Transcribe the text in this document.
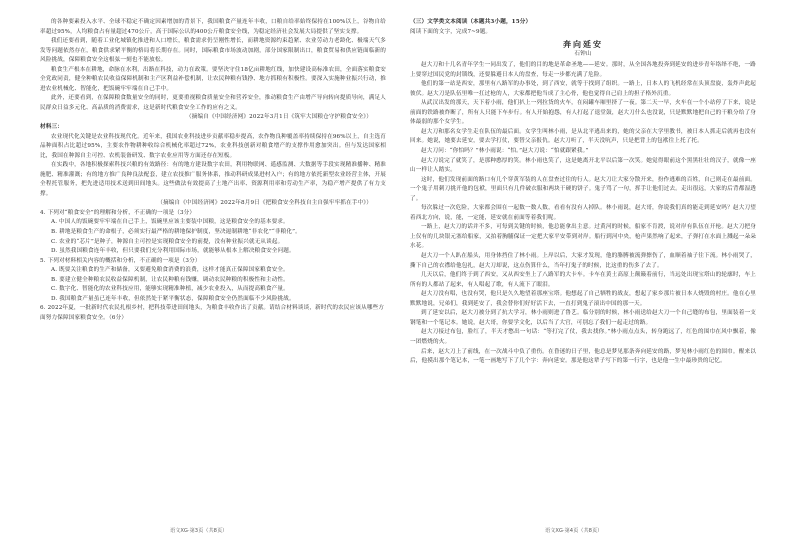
的各种要素投入水平、全球不稳定不确定因素增加的背景下，我国粮食产量连年丰收，口粮自给率始终保持在100%以上，谷物自给率超过95%，人均粮食占有量超过470公斤，高于国际公认的400公斤粮食安全线，为稳定经济社会发展大局提供了坚实支撑。

我们还要看到，随着工业化城镇化推进和人口增长，粮食需求仍呈刚性增长，而耕地资源约束趋紧、农业劳动力老龄化、极端天气多发等问题依然存在，粮食供求紧平衡的格局将长期存在。同时，国际粮食市场波动加剧，部分国家限制出口，粮食贸易和供应链面临新的风险挑战，保障粮食安全这根弦一刻也不能放松。

粮食生产根本在耕地，命脉在水利，出路在科技，动力在政策。要坚决守住18亿亩耕地红线，加快建设高标准农田，全面落实粮食安全党政同责，健全种粮农民收益保障机制和主产区利益补偿机制，让农民种粮有钱挣、地方抓粮有积极性。要深入实施种业振兴行动，推进农业机械化、智能化，把饭碗牢牢端在自己手中。

此外，还要看到，在保障粮食数量安全的同时，更要重视粮食质量安全和营养安全，推动粮食生产由增产导向转向提质导向，满足人民群众日益多元化、高品质的消费需求，这是新时代粮食安全工作的应有之义。

（摘编自《中国经济网》2022年3月1日《筑牢大国粮仓守护粮食安全》）

材料三：

农业现代化关键是农业科技现代化。近年来，我国农业科技进步贡献率稳步提高，农作物良种覆盖率持续保持在96%以上，自主选育品种面积占比超过95%，主要农作物耕种收综合机械化率超过72%，农业科技创新对粮食增产的支撑作用愈加突出。但与发达国家相比，我国在种源自主可控、农机装备研发、数字农业应用等方面还存在短板。

在实践中，各地积极探索科技兴粮的有效路径：有的地方建设数字农田，利用物联网、遥感监测、大数据等手段实现精准播种、精准施肥、精准灌溉；有的地方推广良种良法配套，建立农技推广服务体系，推动科研成果进村入户；有的地方依托新型农业经营主体，开展全程托管服务，把先进适用技术送到田间地头。这些做法有效提高了土地产出率、资源利用率和劳动生产率，为稳产增产提供了有力支撑。

（摘编自《中国经济网》2022年8月9日《把粮食安全科技自主自强牢牢抓在手中》）

4. 下列对“粮食安全”的理解和分析，不正确的一项是（3分）

A. 中国人的饭碗要牢牢端在自己手上，饭碗里应该主要装中国粮，这是粮食安全的基本要求。

B. 耕地是粮食生产的命根子，必须实行最严格的耕地保护制度，坚决遏制耕地“非农化”“非粮化”。

C. 农业的“芯片”是种子，种源自主可控是实现粮食安全的前提，没有种业振兴就无从谈起。

D. 虽然我国粮食连年丰收，但只要我们充分利用国际市场，就能够从根本上解决粮食安全问题。

5. 下列对材料相关内容的概括和分析，不正确的一项是（3分）

A. 既要关注粮食的生产和储备，又要避免粮食消费的浪费，这样才能真正保障国家粮食安全。

B. 要建立健全种粮农民收益保障机制，让农民种粮有钱赚，调动农民种粮的积极性和主动性。

C. 数字化、智能化的农业科技应用，能够实现精准种植，减少农业投入，从而提高粮食产量。

D. 我国粮食产量虽已连年丰收，但依然处于紧平衡状态，保障粮食安全仍然面临不少风险挑战。

6. 2022年夏，一批新时代农民扎根乡村，把科技带进田间地头，为粮食丰收作出了贡献。请结合材料谈谈，新时代的农民应该从哪些方面努力保障国家粮食安全。（6分）

（三）文学类文本阅读（本题共3小题，15分）

阅读下面的文字，完成7~9题。

奔向延安

石钟山

赵大刀和十几名青年学生一同出发了，他们的目的地是革命圣地——延安。那时，从全国各地投奔到延安的进步青年络绎不绝，一路上要穿过国民党的封锁线，还要躲避日本人的盘查，每走一步都充满了危险。

他们的第一站是西安，那里有八路军的办事处，到了西安，就等于找到了组织。一路上，日本人的飞机经常在头顶盘旋，轰炸声此起彼伏。赵大刀是队伍里唯一扛过枪的人，大家都把他当成了主心骨，他也觉得自己肩上的担子格外沉重。

从武汉出发的那天，天下着小雨，他们扒上一列拉货的火车，在闷罐车厢里挤了一夜。第二天一早，火车在一个小站停了下来，说是前面的铁路被炸断了，所有人只能下车步行。有人开始抱怨，有人打起了退堂鼓，赵大刀什么也没说，只是默默地把自己的干粮分给了身体最弱的那个女学生。

赵大刀和那名女学生走在队伍的最后面。女学生叫林小雨，是从北平逃出来的，她的父亲在大学里教书，被日本人抓走后就再也没有回来。她说，她要去延安，要去学打仗，要替父亲报仇。赵大刀听了，半天没吭声，只是把背上的包袱往上托了托。

赵大刀问：“你怕吗？”林小雨说：“怕。”赵大刀说：“怕就跟紧我。”

赵大刀说完了就笑了，是那种憨厚的笑。林小雨也笑了，这是她离开北平以后第一次笑。她觉得眼前这个黑黑壮壮的汉子，就像一座山一样让人踏实。

这时，他们发现前面的路口有几个穿黄军装的人在盘查过往的行人。赵大刀让大家分散开来，扮作逃难的百姓，自己则走在最前面。一个鬼子用刺刀挑开他的包袱，里面只有几件破衣服和两块干硬的饼子。鬼子骂了一句，挥手让他们过去。走出很远，大家的后背都湿透了。

每次躲过一次危险，大家都会围在一起数一数人数，看看有没有人掉队。林小雨说，赵大哥，你说我们真的能走到延安吗？赵大刀望着西北方向，说，能，一定能，延安就在前面等着我们呢。

一路上，赵大刀的话并不多，可每到关键的时候，他总能拿出主意。过黄河的时候，船家不肯渡，说对岸有队伍在开枪。赵大刀把身上仅有的几块银元塞给船家，又拍着胸脯保证一定把大家平安带到对岸。船行到河中央，枪声果然响了起来，子弹打在水面上溅起一朵朵水花。

赵大刀一个人趴在船头，用身体挡住了林小雨。上岸以后，大家才发现，他的胳膊被流弹擦伤了，血顺着袖子往下流。林小雨哭了，撕下自己的衣襟给他包扎，赵大刀却说，这点伤算什么，当年打鬼子的时候，比这重的伤多了去了。

几天以后，他们终于到了西安，又从西安坐上了八路军的大卡车。卡车在黄土高原上颠簸着前行，当远处出现宝塔山的轮廓时，车上所有的人都站了起来，有人唱起了歌，有人流下了眼泪。

赵大刀没有唱，也没有哭，他只是久久地望着那座宝塔。他想起了自己牺牲的战友，想起了家乡那片被日本人烧毁的村庄。他在心里默默地说，兄弟们，我到延安了，我会替你们好好活下去，一直打到鬼子滚出中国的那一天。

到了延安以后，赵大刀被分到了抗大学习，林小雨则进了鲁艺。临分别的时候，林小雨送给赵大刀一个自己缝的布包，里面装着一支钢笔和一个笔记本。她说，赵大哥，你要学文化，以后当了大官，可别忘了我们一起走过的路。

赵大刀接过布包，脸红了，半天才憋出一句话：“等打完了仗，我去找你。”林小雨点点头，转身跑远了，红色的围巾在风中飘着，像一团燃烧的火。

后来，赵大刀上了前线，在一次战斗中负了重伤。在昏迷的日子里，他总是梦见那条奔向延安的路，梦见林小雨红色的围巾。醒来以后，他摸出那个笔记本，一笔一画地写下了几个字：奔向延安。那是他这辈子写下的第一行字，也是他一生中最珍贵的记忆。

语文XG·第3页（共8页）	语文XG·第4页（共8页）
